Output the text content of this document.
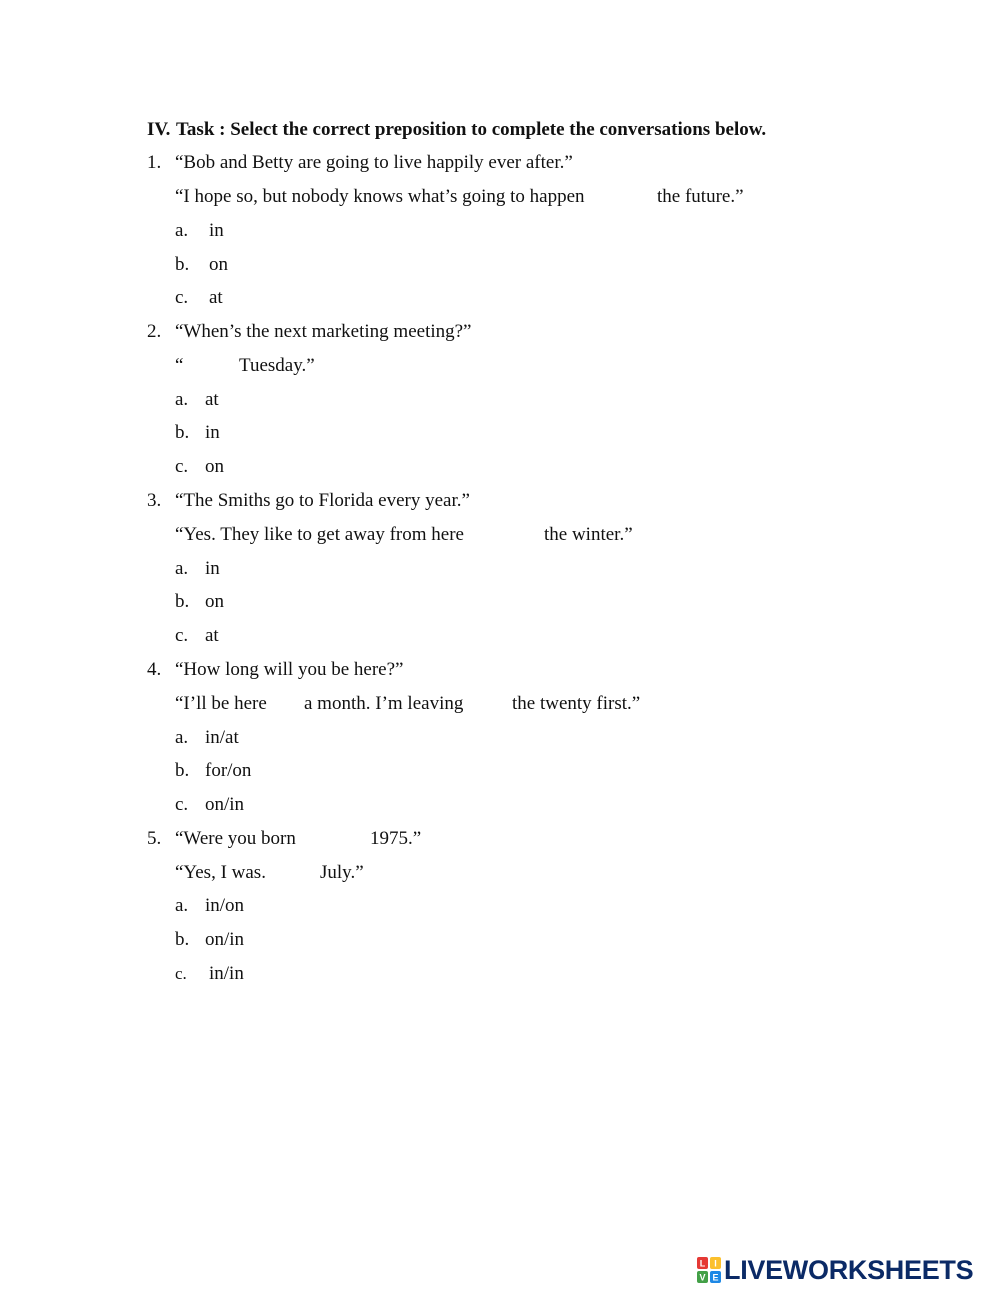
IV.

Task : Select the correct preposition to complete the conversations below.

1.

“Bob and Betty are going to live happily ever after.”

“I hope so, but nobody knows what’s going to happen

	the future.”

a.

in

b.

on

c.

at

2.

“When’s the next marketing meeting?”

“

	Tuesday.”

a.

at

b.

in

c.

on

3.

“The Smiths go to Florida every year.”

“Yes. They like to get away from here

	the winter.”

a.

in

b.

on

c.

at

4.

“How long will you be here?”

“I’ll be here

a month. I’m leaving

	the twenty first.”

a.

in/at

b.

for/on

c.

on/in

5.

“Were you born

	1975.”

“Yes, I was.

	July.”

a.

in/on

b.

on/in

c.

in/in

L I
V E LIVEWORKSHEETS
